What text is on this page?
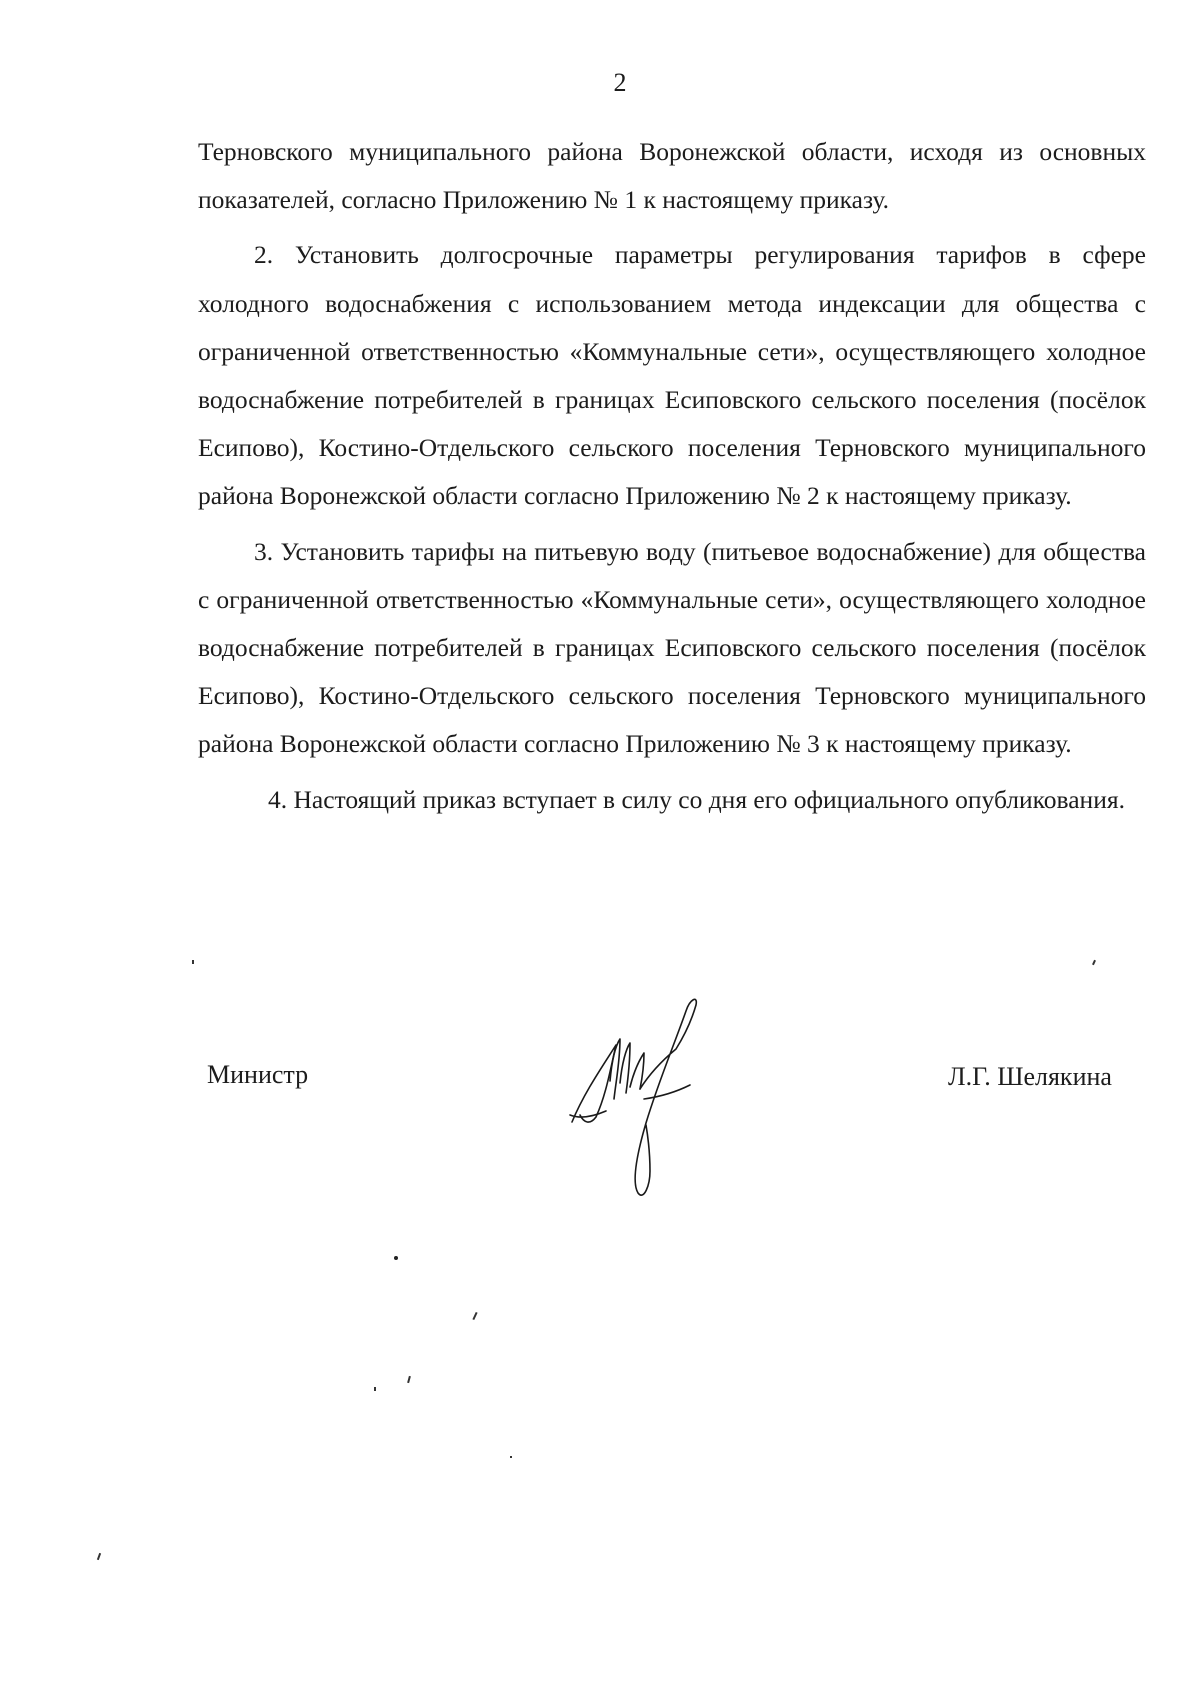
2

Терновского муниципального района Воронежской области, исходя из основных показателей, согласно Приложению № 1 к настоящему приказу.

2. Установить долгосрочные параметры регулирования тарифов в сфере холодного водоснабжения с использованием метода индексации для общества с ограниченной ответственностью «Коммунальные сети», осуществляющего холодное водоснабжение потребителей в границах Есиповского сельского поселения (посёлок Есипово), Костино-Отдельского сельского поселения Терновского муниципального района Воронежской области согласно Приложению № 2 к настоящему приказу.

3. Установить тарифы на питьевую воду (питьевое водоснабжение) для общества с ограниченной ответственностью «Коммунальные сети», осуществляющего холодное водоснабжение потребителей в границах Есиповского сельского поселения (посёлок Есипово), Костино-Отдельского сельского поселения Терновского муниципального района Воронежской области согласно Приложению № 3 к настоящему приказу.

4. Настоящий приказ вступает в силу со дня его официального опубликования.

Министр	Л.Г. Шелякина
